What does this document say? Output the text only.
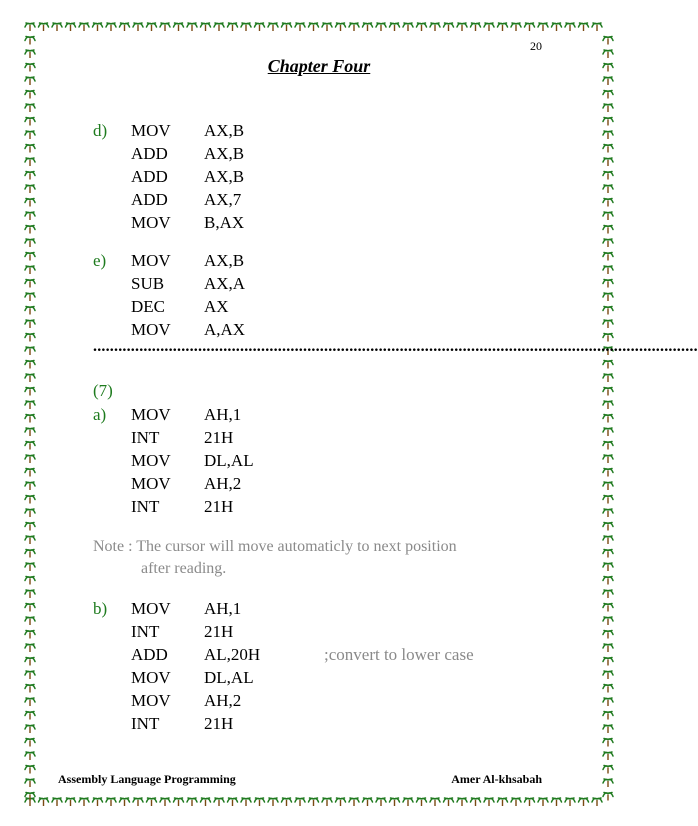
20
Chapter Four
d) MOV AX,B
ADD AX,B
ADD AX,B
ADD AX,7
MOV B,AX
e) MOV AX,B
SUB AX,A
DEC AX
MOV A,AX
................................................................................................................................................
(7)
a) MOV AH,1
INT	21H
MOV DL,AL
MOV AH,2
INT	21H
Note : The cursor will move automaticly to next position
after reading.
b) MOV AH,1
INT	21H
ADD AL,20H	;convert to lower case
MOV DL,AL
MOV AH,2
INT	21H
Assembly Language Programming	Amer Al-khsabah
